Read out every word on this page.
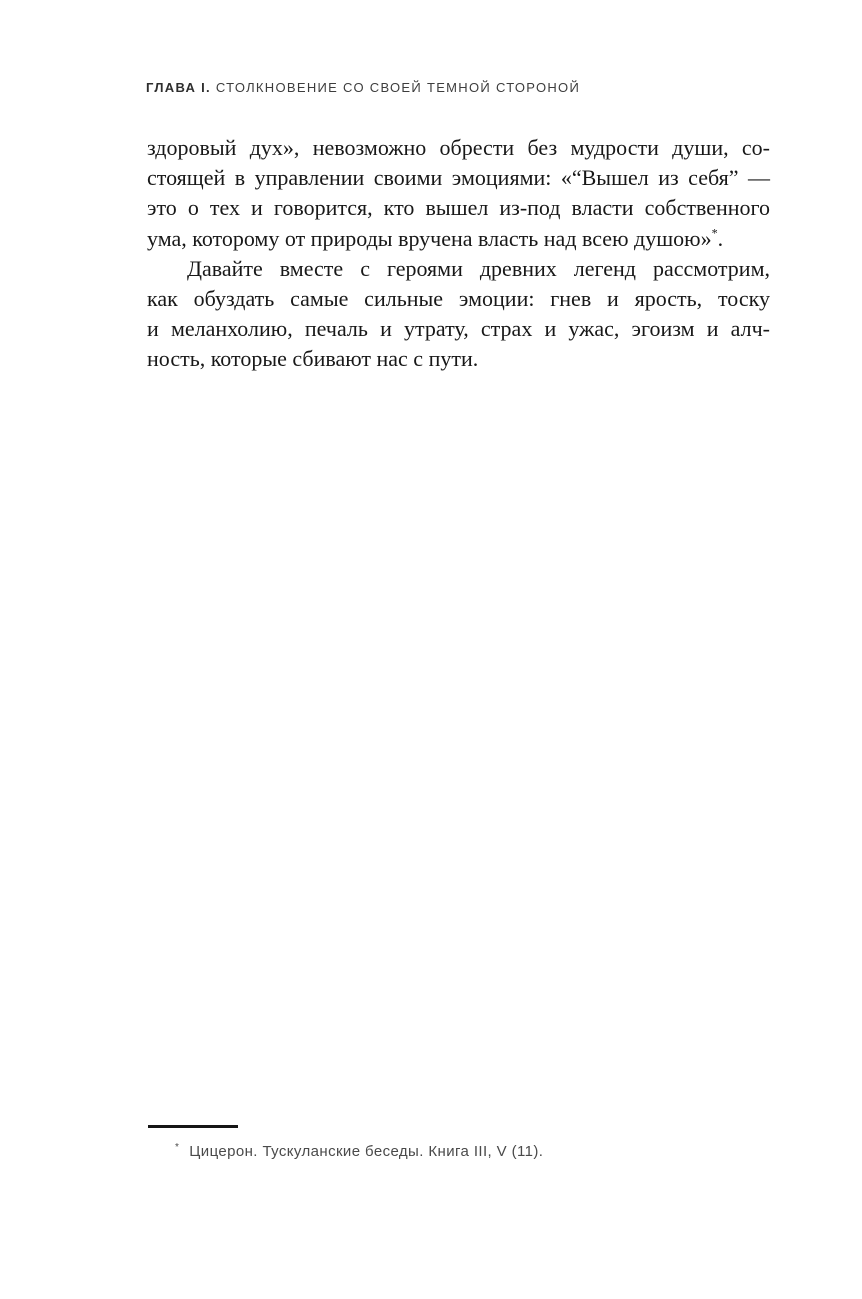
ГЛАВА I. СТОЛКНОВЕНИЕ СО СВОЕЙ ТЕМНОЙ СТОРОНОЙ
здоровый дух», невозможно обрести без мудрости души, со-
стоящей в управлении своими эмоциями: «“Вышел из себя” —
это о тех и говорится, кто вышел из-под власти собственного
ума, которому от природы вручена власть над всею душою»*.
Давайте вместе с героями древних легенд рассмотрим,
как обуздать самые сильные эмоции: гнев и ярость, тоску
и меланхолию, печаль и утрату, страх и ужас, эгоизм и алч-
ность, которые сбивают нас с пути.
* Цицерон. Тускуланские беседы. Книга III, V (11).
